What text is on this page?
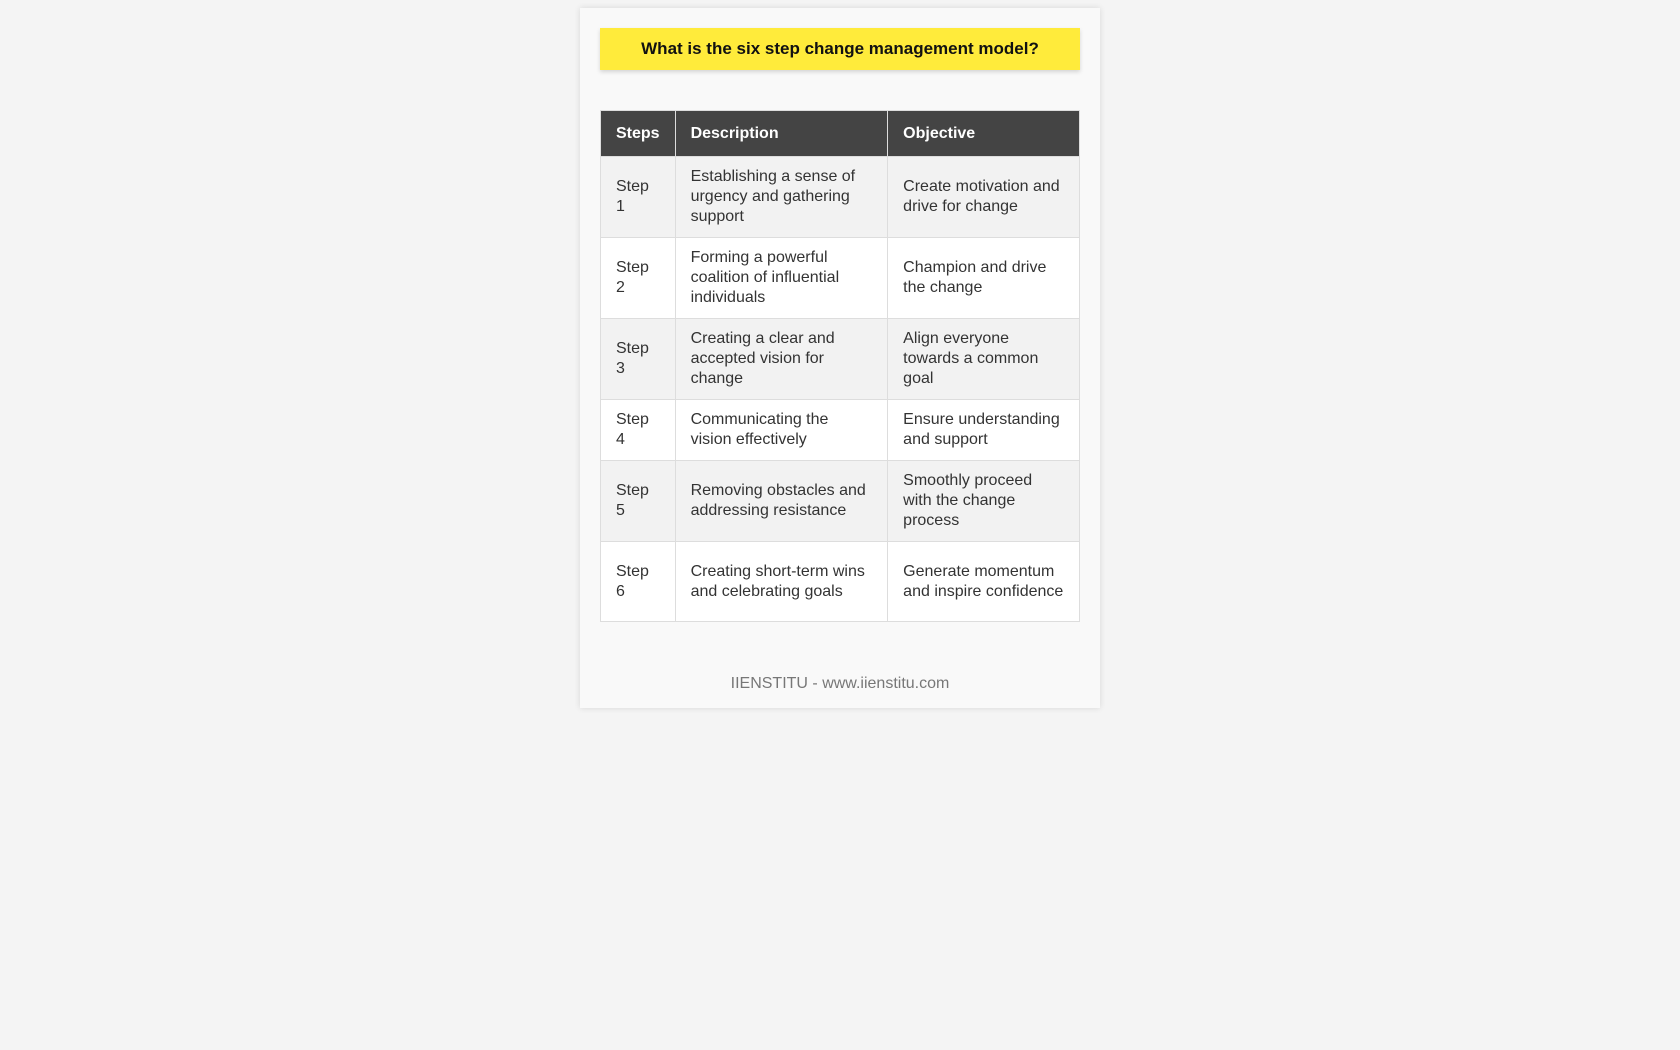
What is the six step change management model?
Steps	Description	Objective
Step 1	Establishing a sense of urgency and gathering support	Create motivation and drive for change
Step 2	Forming a powerful coalition of influential individuals	Champion and drive the change
Step 3	Creating a clear and accepted vision for change	Align everyone towards a common goal
Step 4	Communicating the vision effectively	Ensure understanding and support
Step 5	Removing obstacles and addressing resistance	Smoothly proceed with the change process
Step 6	Creating short-term wins and celebrating goals	Generate momentum and inspire confidence
IIENSTITU - www.iienstitu.com
